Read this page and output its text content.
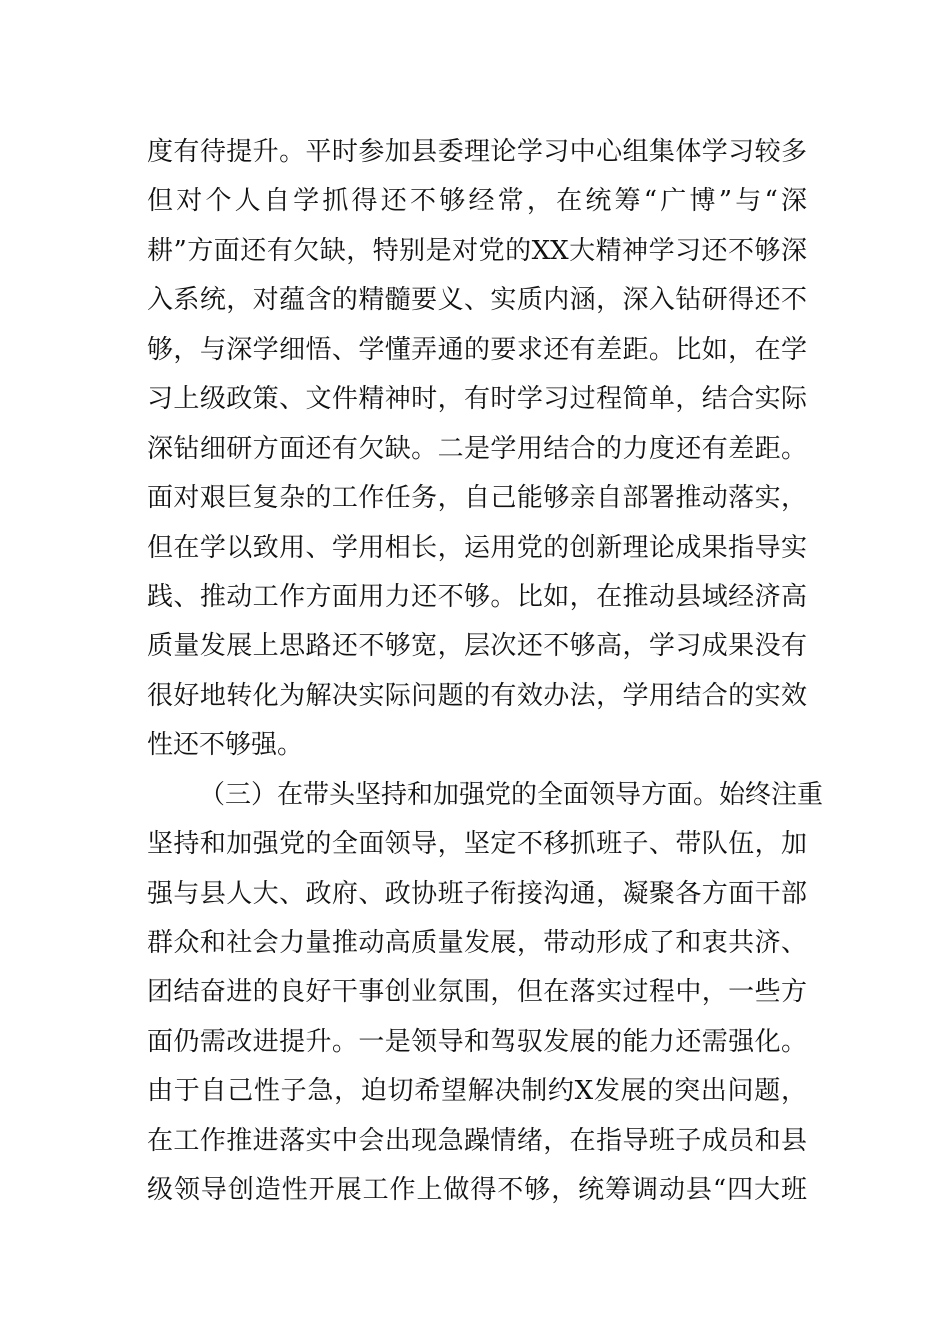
度有待提升。平时参加县委理论学习中心组集体学习较多
但对个人自学抓得还不够经常，在统筹“广博”与“深
耕”方面还有欠缺，特别是对党的XX大精神学习还不够深
入系统，对蕴含的精髓要义、实质内涵，深入钻研得还不
够，与深学细悟、学懂弄通的要求还有差距。比如，在学
习上级政策、文件精神时，有时学习过程简单，结合实际
深钻细研方面还有欠缺。二是学用结合的力度还有差距。
面对艰巨复杂的工作任务，自己能够亲自部署推动落实，
但在学以致用、学用相长，运用党的创新理论成果指导实
践、推动工作方面用力还不够。比如，在推动县域经济高
质量发展上思路还不够宽，层次还不够高，学习成果没有
很好地转化为解决实际问题的有效办法，学用结合的实效
性还不够强。
（三）在带头坚持和加强党的全面领导方面。始终注重
坚持和加强党的全面领导，坚定不移抓班子、带队伍，加
强与县人大、政府、政协班子衔接沟通，凝聚各方面干部
群众和社会力量推动高质量发展，带动形成了和衷共济、
团结奋进的良好干事创业氛围，但在落实过程中，一些方
面仍需改进提升。一是领导和驾驭发展的能力还需强化。
由于自己性子急，迫切希望解决制约X发展的突出问题，
在工作推进落实中会出现急躁情绪，在指导班子成员和县
级领导创造性开展工作上做得不够，统筹调动县“四大班
